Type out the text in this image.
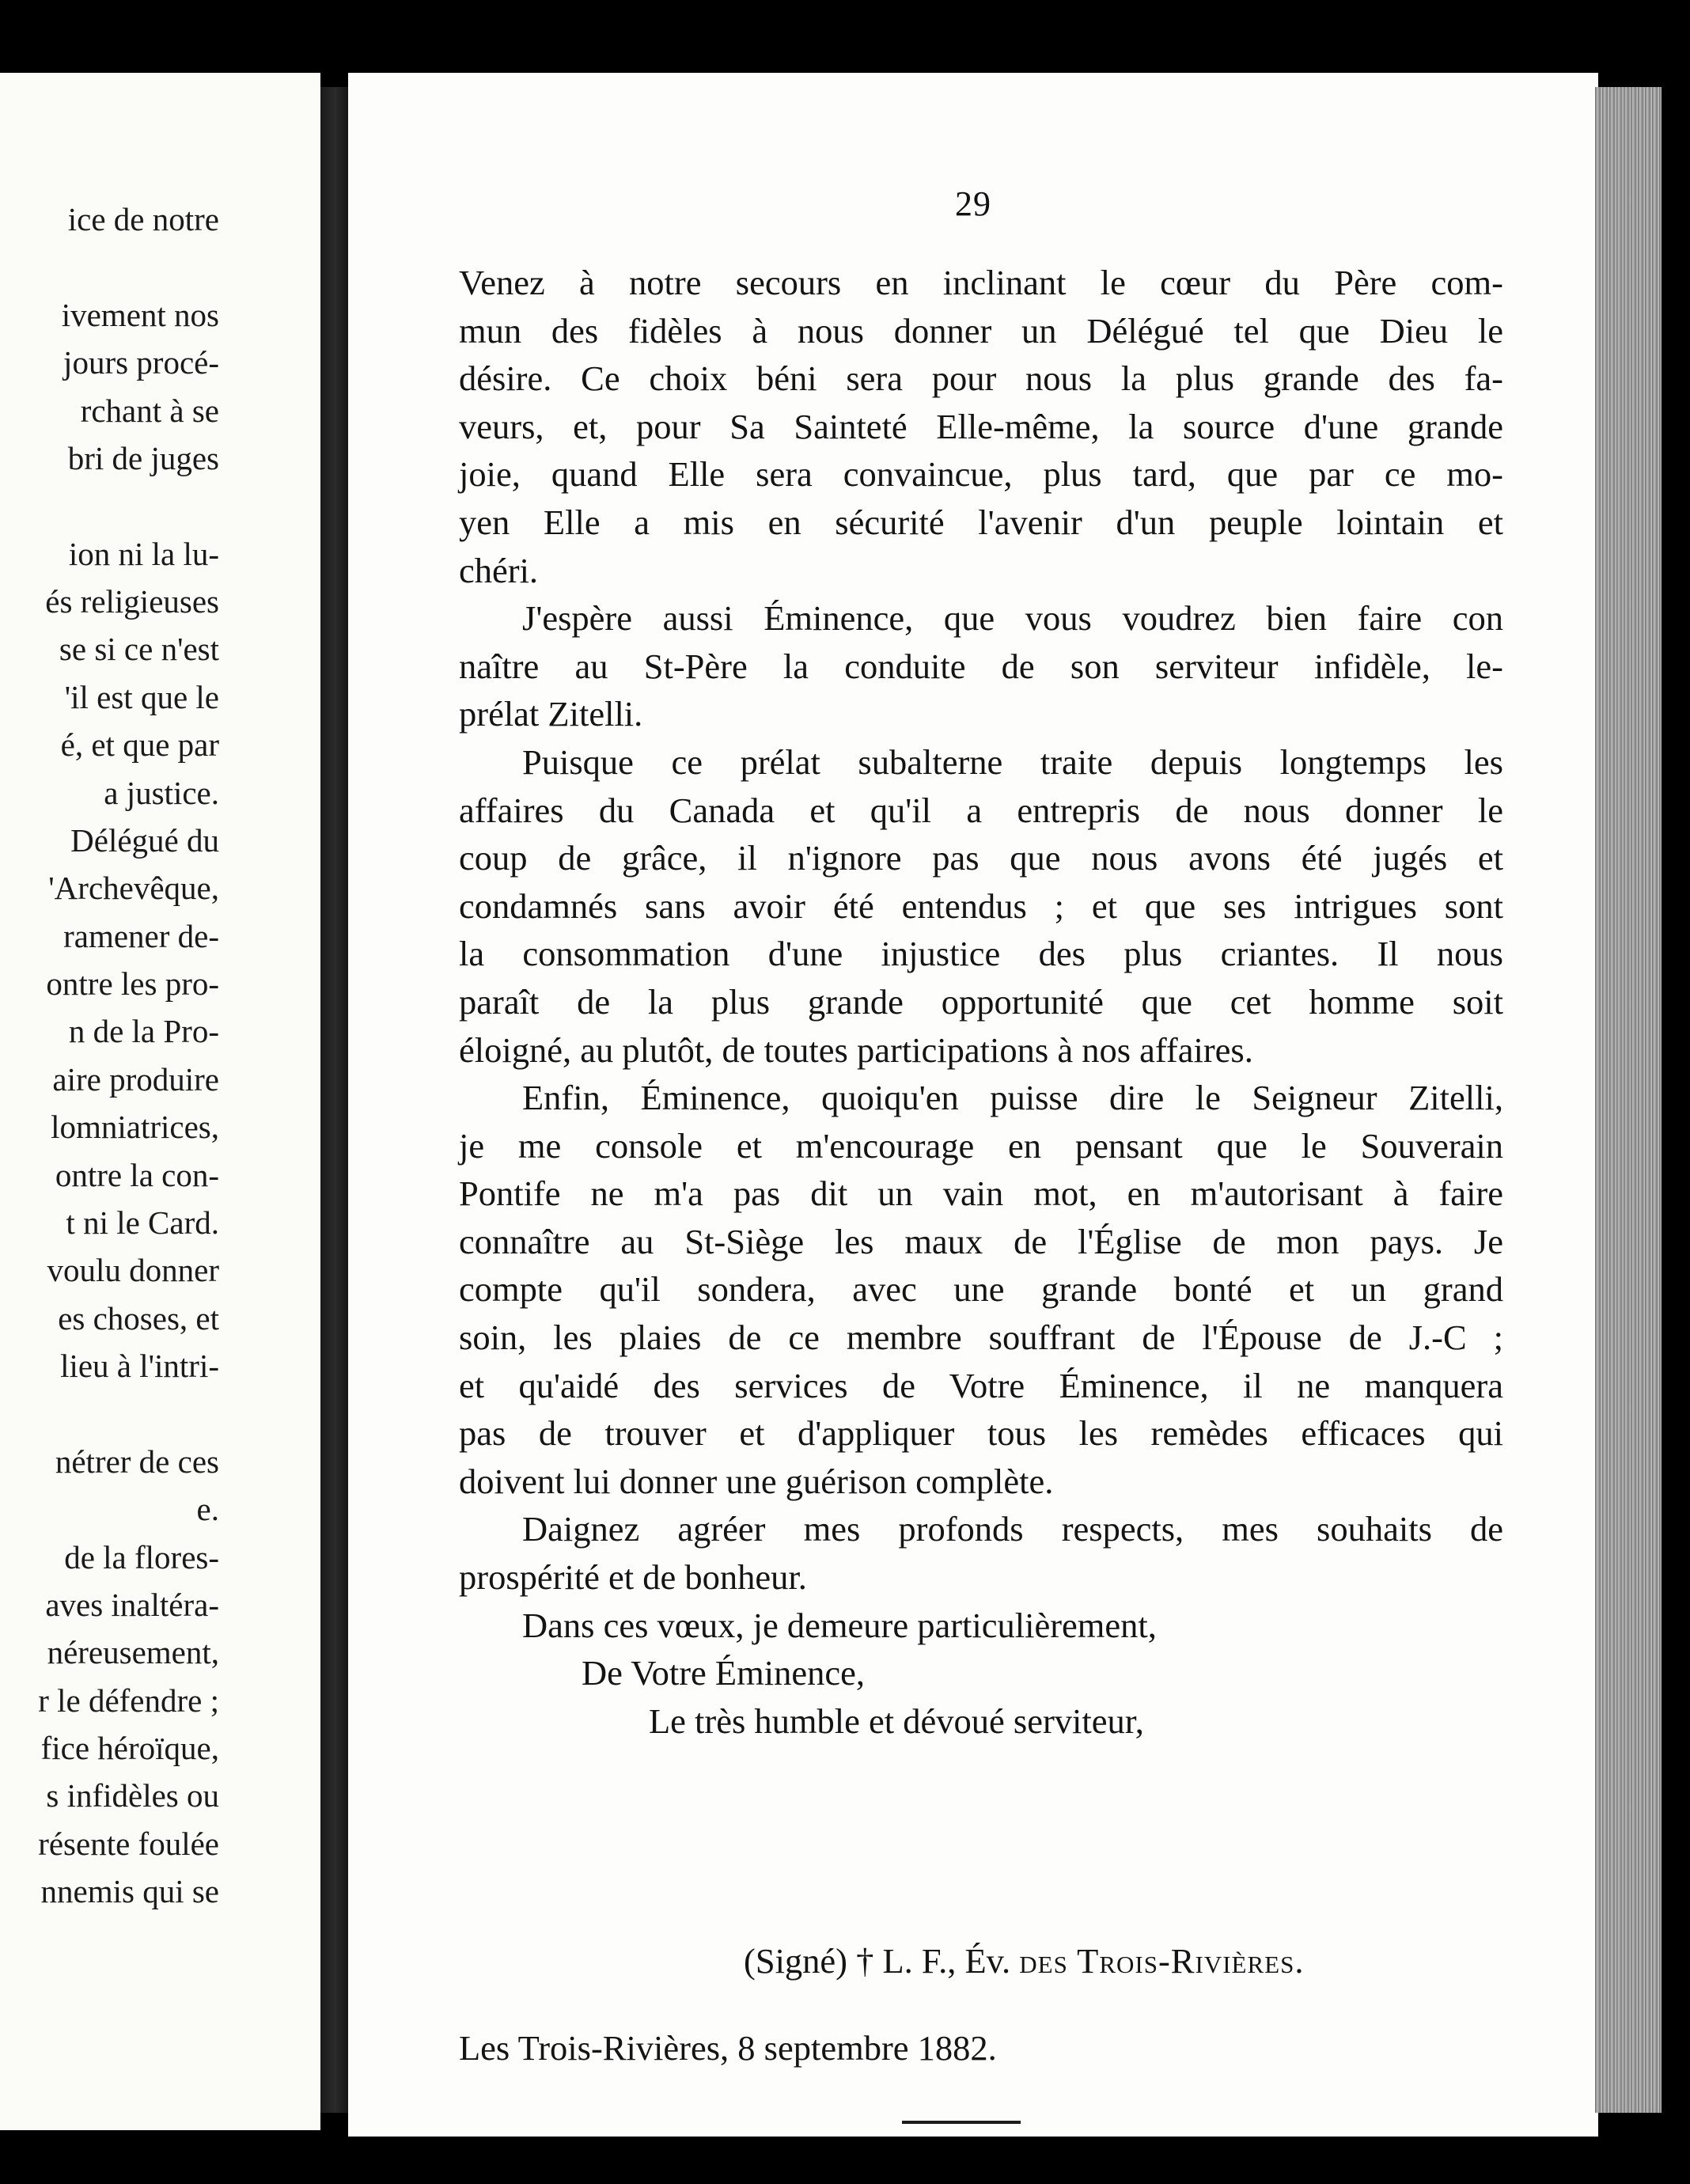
ice de notre
ivement nos
jours procé-
rchant à se
bri de juges
ion ni la lu-
és religieuses
se si ce n'est
'il est que le
é, et que par
a justice.
Délégué du
'Archevêque,
ramener de-
ontre les pro-
n de la Pro-
aire produire
lomniatrices,
ontre la con-
t ni le Card.
voulu donner
es choses, et
lieu à l'intri-
nétrer de ces
e.
de la flores-
aves inaltéra-
néreusement,
r le défendre ;
fice héroïque,
s infidèles ou
résente foulée
nnemis qui se
29
Venez à notre secours en inclinant le cœur du Père com-
mun des fidèles à nous donner un Délégué tel que Dieu le
désire. Ce choix béni sera pour nous la plus grande des fa-
veurs, et, pour Sa Sainteté Elle-même, la source d'une grande
joie, quand Elle sera convaincue, plus tard, que par ce mo-
yen Elle a mis en sécurité l'avenir d'un peuple lointain et
chéri.
J'espère aussi Éminence, que vous voudrez bien faire con
naître au St-Père la conduite de son serviteur infidèle, le-
prélat Zitelli.
Puisque ce prélat subalterne traite depuis longtemps les
affaires du Canada et qu'il a entrepris de nous donner le
coup de grâce, il n'ignore pas que nous avons été jugés et
condamnés sans avoir été entendus ; et que ses intrigues sont
la consommation d'une injustice des plus criantes. Il nous
paraît de la plus grande opportunité que cet homme soit
éloigné, au plutôt, de toutes participations à nos affaires.
Enfin, Éminence, quoiqu'en puisse dire le Seigneur Zitelli,
je me console et m'encourage en pensant que le Souverain
Pontife ne m'a pas dit un vain mot, en m'autorisant à faire
connaître au St-Siège les maux de l'Église de mon pays. Je
compte qu'il sondera, avec une grande bonté et un grand
soin, les plaies de ce membre souffrant de l'Épouse de J.-C ;
et qu'aidé des services de Votre Éminence, il ne manquera
pas de trouver et d'appliquer tous les remèdes efficaces qui
doivent lui donner une guérison complète.
Daignez agréer mes profonds respects, mes souhaits de
prospérité et de bonheur.
Dans ces vœux, je demeure particulièrement,
De Votre Éminence,
Le très humble et dévoué serviteur,
(Signé) † L. F., Év. des Trois-Rivières.
Les Trois-Rivières, 8 septembre 1882.
